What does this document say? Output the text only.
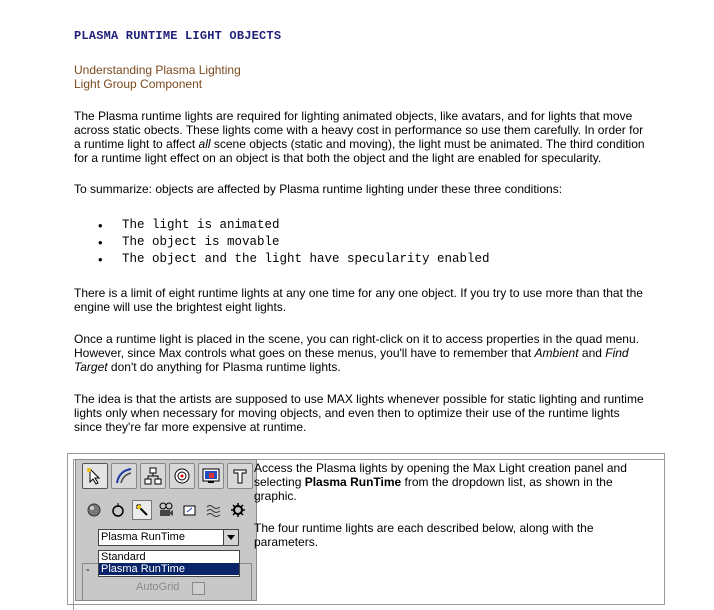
PLASMA RUNTIME LIGHT OBJECTS
Understanding Plasma Lighting
Light Group Component
The Plasma runtime lights are required for lighting animated objects, like avatars, and for lights that move across static obects. These lights come with a heavy cost in performance so use them carefully. In order for a runtime light to affect all scene objects (static and moving), the light must be animated. The third condition for a runtime light effect on an object is that both the object and the light are enabled for specularity.
To summarize: objects are affected by Plasma runtime lighting under these three conditions:
• The light is animated
• The object is movable
• The object and the light have specularity enabled
There is a limit of eight runtime lights at any one time for any one object. If you try to use more than that the engine will use the brightest eight lights.
Once a runtime light is placed in the scene, you can right-click on it to access properties in the quad menu. However, since Max controls what goes on these menus, you'll have to remember that Ambient and Find Target don't do anything for Plasma runtime lights.
The idea is that the artists are supposed to use MAX lights whenever possible for static lighting and runtime lights only when necessary for moving objects, and even then to optimize their use of the runtime lights since they're far more expensive at runtime.
Plasma RunTime
-
AutoGrid
Standard
Plasma RunTime
Access the Plasma lights by opening the Max Light creation panel and selecting Plasma RunTime from the dropdown list, as shown in the graphic.
The four runtime lights are each described below, along with the parameters.
